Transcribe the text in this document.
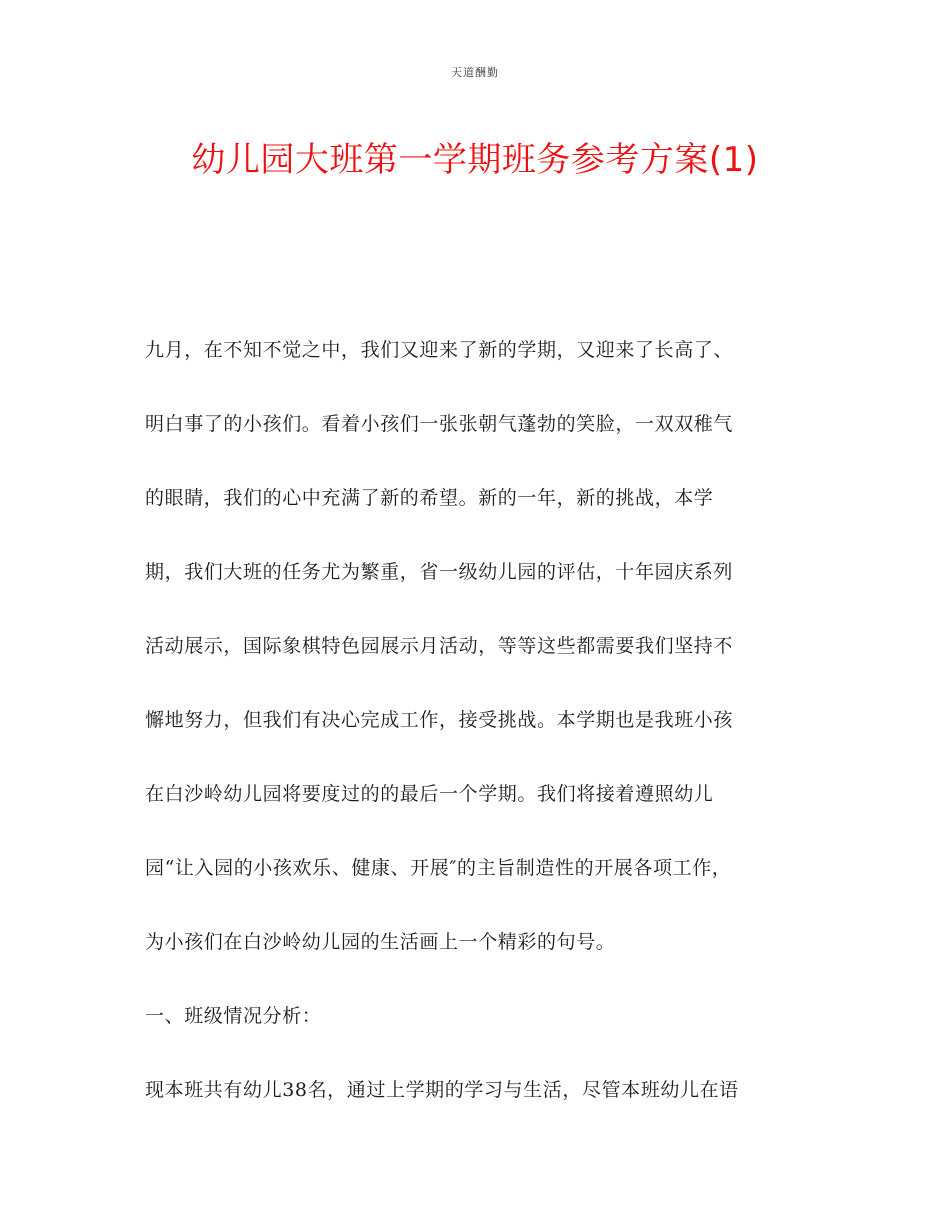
天道酬勤
幼儿园大班第一学期班务参考方案(1)
九月，在不知不觉之中，我们又迎来了新的学期，又迎来了长高了、
明白事了的小孩们。看着小孩们一张张朝气蓬勃的笑脸，一双双稚气
的眼睛，我们的心中充满了新的希望。新的一年，新的挑战，本学
期，我们大班的任务尤为繁重，省一级幼儿园的评估，十年园庆系列
活动展示，国际象棋特色园展示月活动，等等这些都需要我们坚持不
懈地努力，但我们有决心完成工作，接受挑战。本学期也是我班小孩
在白沙岭幼儿园将要度过的的最后一个学期。我们将接着遵照幼儿
园“让入园的小孩欢乐、健康、开展″的主旨制造性的开展各项工作，
为小孩们在白沙岭幼儿园的生活画上一个精彩的句号。
一、班级情况分析：
现本班共有幼儿38名，通过上学期的学习与生活，尽管本班幼儿在语
